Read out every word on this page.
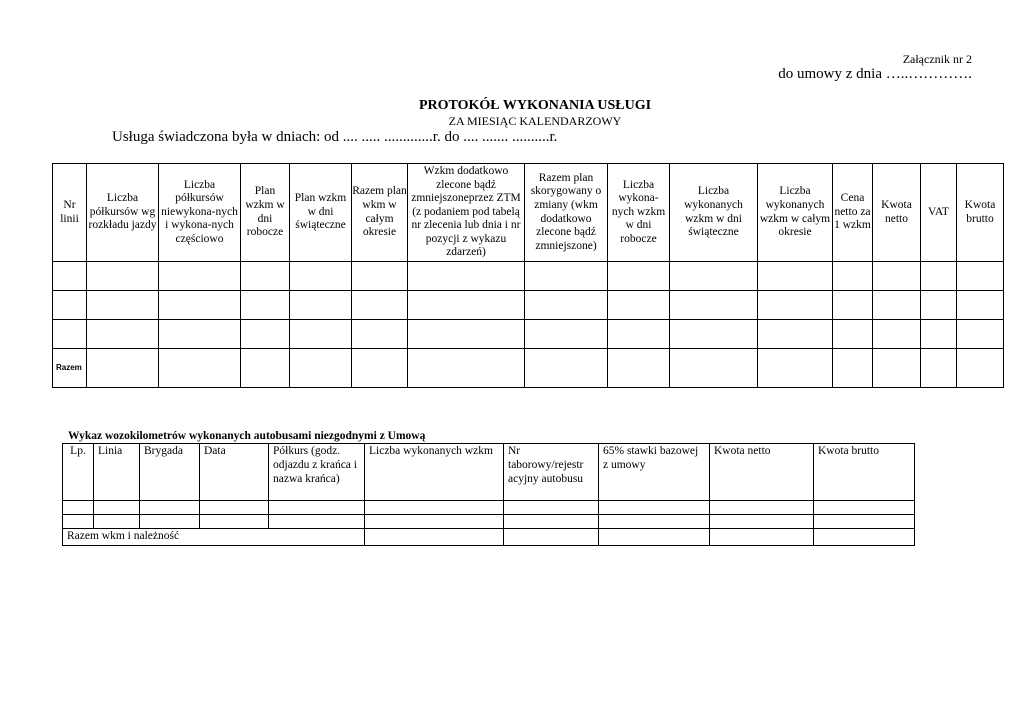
Załącznik nr 2
do umowy z dnia …..………….
PROTOKÓŁ WYKONANIA USŁUGI
ZA MIESIĄC KALENDARZOWY
Usługa świadczona była w dniach: od .... ..... .............r. do .... ....... ..........r.
Nr linii	Liczba półkursów wg rozkładu jazdy	Liczba półkursów niewykona-nych i wykona-nych częściowo	Plan wzkm w dni robocze	Plan wzkm w dni świąteczne	Razem plan wkm w całym okresie	Wzkm dodatkowo zlecone bądź zmniejszoneprzez ZTM (z podaniem pod tabelą nr zlecenia lub dnia i nr pozycji z wykazu zdarzeń)	Razem plan skorygowany o zmiany (wkm dodatkowo zlecone bądź zmniejszone)	Liczba wykona-nych wzkm w dni robocze	Liczba wykonanych wzkm w dni świąteczne	Liczba wykonanych wzkm w całym okresie	Cena netto za 1 wzkm	Kwota netto	VAT	Kwota brutto

Razem														
Wykaz wozokilometrów wykonanych autobusami niezgodnymi z Umową
Lp.	Linia	Brygada	Data	Półkurs (godz. odjazdu z krańca i nazwa krańca)	Liczba wykonanych wzkm	Nr taborowy/rejestr acyjny autobusu	65% stawki bazowej z umowy	Kwota netto	Kwota brutto

Razem wkm i należność									
